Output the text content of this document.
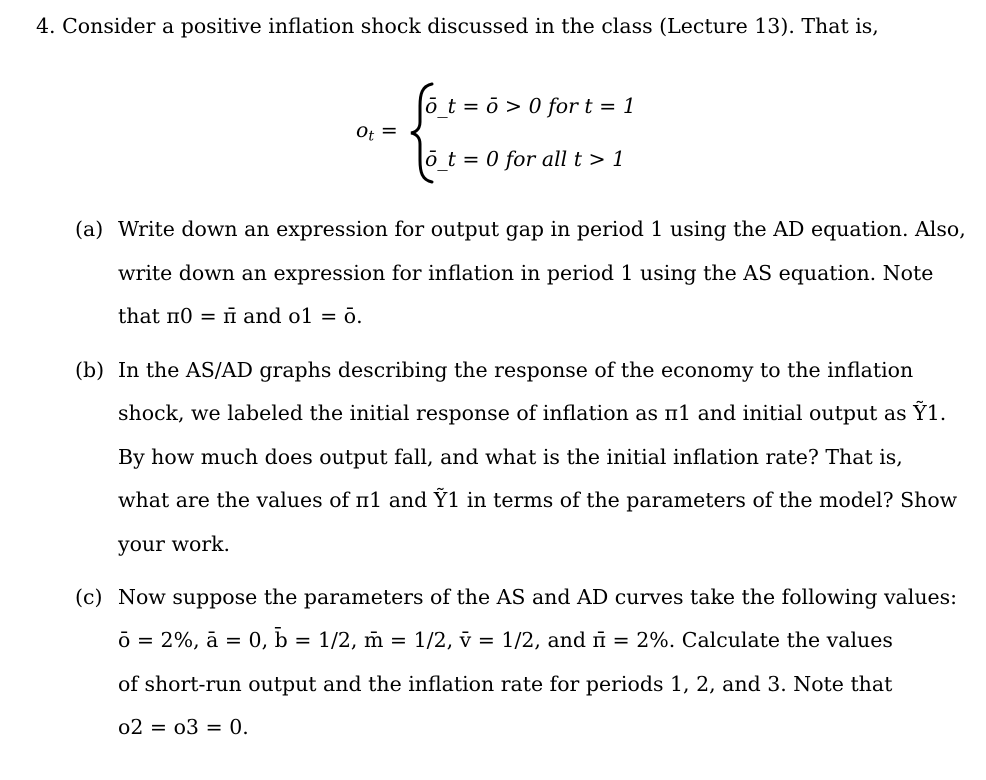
4. Consider a positive inflation shock discussed in the class (Lecture 13). That is,
$o_t$ =
ō_t = ō > 0 for t = 1
ō_t = 0 for all t > 1
(a) Write down an expression for output gap in period 1 using the AD equation. Also,
write down an expression for inflation in period 1 using the AS equation. Note
that π0 = π̄ and o1 = ō.
(b) In the AS/AD graphs describing the response of the economy to the inflation
shock, we labeled the initial response of inflation as π1 and initial output as Ỹ1.
By how much does output fall, and what is the initial inflation rate? That is,
what are the values of π1 and Ỹ1 in terms of the parameters of the model? Show
your work.
(c) Now suppose the parameters of the AS and AD curves take the following values:
ō = 2%, ā = 0, b̄ = 1/2, m̄ = 1/2, v̄ = 1/2, and π̄ = 2%. Calculate the values
of short-run output and the inflation rate for periods 1, 2, and 3. Note that
o2 = o3 = 0.
